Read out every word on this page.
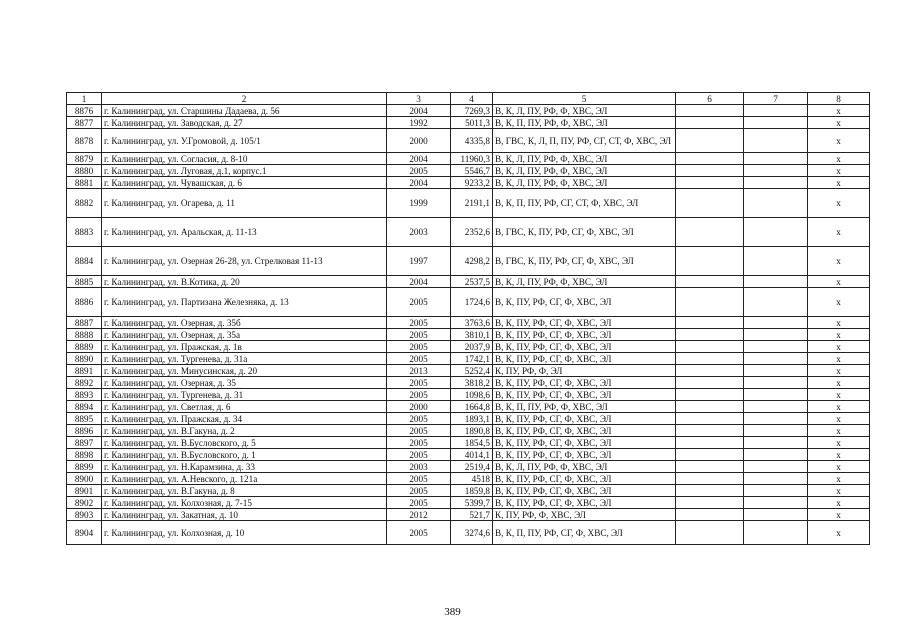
1	2	3	4	5	6	7	8
8876	г. Калининград, ул. Старшины Дадаева, д. 56	2004	7269,3	В, К, Л, ПУ, РФ, Ф, ХВС, ЭЛ			x
8877	г. Калининград, ул. Заводская, д. 27	1992	5011,3	В, К, П, ПУ, РФ, Ф, ХВС, ЭЛ			x
8878	г. Калининград, ул. У.Громовой, д. 105/1	2000	4335,8	В, ГВС, К, Л, П, ПУ, РФ, СГ, СТ, Ф, ХВС, ЭЛ			x
8879	г. Калининград, ул. Согласия, д. 8-10	2004	11960,3	В, К, Л, ПУ, РФ, Ф, ХВС, ЭЛ			x
8880	г. Калининград, ул. Луговая, д.1, корпус.1	2005	5546,7	В, К, Л, ПУ, РФ, Ф, ХВС, ЭЛ			x
8881	г. Калининград, ул. Чувашская, д. 6	2004	9233,2	В, К, Л, ПУ, РФ, Ф, ХВС, ЭЛ			x
8882	г. Калининград, ул. Огарева, д. 11	1999	2191,1	В, К, П, ПУ, РФ, СГ, СТ, Ф, ХВС, ЭЛ			x
8883	г. Калининград, ул. Аральская, д. 11-13	2003	2352,6	В, ГВС, К, ПУ, РФ, СГ, Ф, ХВС, ЭЛ			x
8884	г. Калининград, ул. Озерная 26-28, ул. Стрелковая 11-13	1997	4298,2	В, ГВС, К, ПУ, РФ, СГ, Ф, ХВС, ЭЛ			x
8885	г. Калининград, ул. В.Котика, д. 20	2004	2537,5	В, К, Л, ПУ, РФ, Ф, ХВС, ЭЛ			x
8886	г. Калининград, ул. Партизана Железняка, д. 13	2005	1724,6	В, К, ПУ, РФ, СГ, Ф, ХВС, ЭЛ			x
8887	г. Калининград, ул. Озерная, д. 35б	2005	3763,6	В, К, ПУ, РФ, СГ, Ф, ХВС, ЭЛ			x
8888	г. Калининград, ул. Озерная, д. 35а	2005	3810,1	В, К, ПУ, РФ, СГ, Ф, ХВС, ЭЛ			x
8889	г. Калининград, ул. Пражская, д. 1в	2005	2037,9	В, К, ПУ, РФ, СГ, Ф, ХВС, ЭЛ			x
8890	г. Калининград, ул. Тургенева, д. 31а	2005	1742,1	В, К, ПУ, РФ, СГ, Ф, ХВС, ЭЛ			x
8891	г. Калининград, ул. Минусинская, д. 20	2013	5252,4	К, ПУ, РФ, Ф, ЭЛ			x
8892	г. Калининград, ул. Озерная, д. 35	2005	3818,2	В, К, ПУ, РФ, СГ, Ф, ХВС, ЭЛ			x
8893	г. Калининград, ул. Тургенева, д. 31	2005	1098,6	В, К, ПУ, РФ, СГ, Ф, ХВС, ЭЛ			x
8894	г. Калининград, ул. Светлая, д. 6	2000	1664,8	В, К, П, ПУ, РФ, Ф, ХВС, ЭЛ			x
8895	г. Калининград, ул. Пражская, д. 34	2005	1893,1	В, К, ПУ, РФ, СГ, Ф, ХВС, ЭЛ			x
8896	г. Калининград, ул. В.Гакуна, д. 2	2005	1890,8	В, К, ПУ, РФ, СГ, Ф, ХВС, ЭЛ			x
8897	г. Калининград, ул. В.Бусловского, д. 5	2005	1854,5	В, К, ПУ, РФ, СГ, Ф, ХВС, ЭЛ			x
8898	г. Калининград, ул. В.Бусловского, д. 1	2005	4014,1	В, К, ПУ, РФ, СГ, Ф, ХВС, ЭЛ			x
8899	г. Калининград, ул. Н.Карамзина, д. 33	2003	2519,4	В, К, Л, ПУ, РФ, Ф, ХВС, ЭЛ			x
8900	г. Калининград, ул. А.Невского, д. 121а	2005	4518	В, К, ПУ, РФ, СГ, Ф, ХВС, ЭЛ			x
8901	г. Калининград, ул. В.Гакуна, д. 8	2005	1859,8	В, К, ПУ, РФ, СГ, Ф, ХВС, ЭЛ			x
8902	г. Калининград, ул. Колхозная, д. 7-15	2005	5399,7	В, К, ПУ, РФ, СГ, Ф, ХВС, ЭЛ			x
8903	г. Калининград, ул. Закатная, д. 10	2012	521,7	К, ПУ, РФ, Ф, ХВС, ЭЛ			x
8904	г. Калининград, ул. Колхозная, д. 10	2005	3274,6	В, К, П, ПУ, РФ, СГ, Ф, ХВС, ЭЛ			x
389
